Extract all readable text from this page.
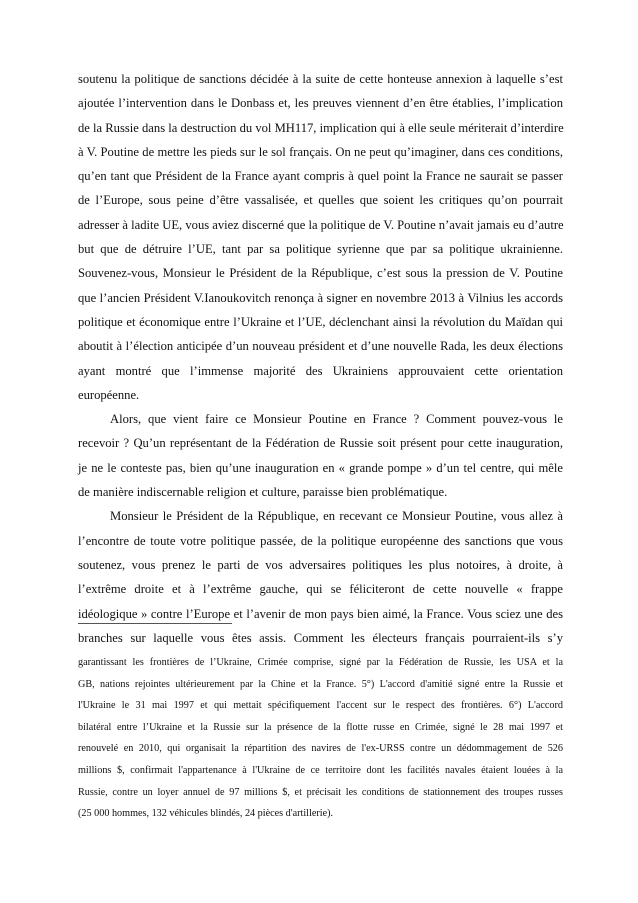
soutenu la politique de sanctions décidée à la suite de cette honteuse annexion à laquelle s’est
ajoutée l’intervention dans le Donbass et, les preuves viennent d’en être établies, l’implication
de la Russie dans la destruction du vol MH117, implication qui à elle seule mériterait d’interdire
à V. Poutine de mettre les pieds sur le sol français. On ne peut qu’imaginer, dans ces conditions,
qu’en tant que Président de la France ayant compris à quel point la France ne saurait se passer
de l’Europe, sous peine d’être vassalisée, et quelles que soient les critiques qu’on pourrait
adresser à ladite UE, vous aviez discerné que la politique de V. Poutine n’avait jamais eu d’autre
but que de détruire l’UE, tant par sa politique syrienne que par sa politique ukrainienne.
Souvenez-vous, Monsieur le Président de la République, c’est sous la pression de V. Poutine
que l’ancien Président V.Ianoukovitch renonça à signer en novembre 2013 à Vilnius les accords
politique et économique entre l’Ukraine et l’UE, déclenchant ainsi la révolution du Maïdan qui
aboutit à l’élection anticipée d’un nouveau président et d’une nouvelle Rada, les deux élections
ayant montré que l’immense majorité des Ukrainiens approuvaient cette orientation
européenne.
Alors, que vient faire ce Monsieur Poutine en France ? Comment pouvez-vous le
recevoir ? Qu’un représentant de la Fédération de Russie soit présent pour cette inauguration,
je ne le conteste pas, bien qu’une inauguration en « grande pompe » d’un tel centre, qui mêle
de manière indiscernable religion et culture, paraisse bien problématique.
Monsieur le Président de la République, en recevant ce Monsieur Poutine, vous allez à
l’encontre de toute votre politique passée, de la politique européenne des sanctions que vous
soutenez, vous prenez le parti de vos adversaires politiques les plus notoires, à droite, à
l’extrême droite et à l’extrême gauche, qui se féliciteront de cette nouvelle « frappe
idéologique » contre l’Europe et l’avenir de mon pays bien aimé, la France. Vous sciez une des
branches sur laquelle vous êtes assis. Comment les électeurs français pourraient-ils s’y
garantissant les frontières de l’Ukraine, Crimée comprise, signé par la Fédération de Russie, les USA et la
GB, nations rejointes ultérieurement par la Chine et la France. 5°) L'accord d'amitié signé entre la Russie et
l'Ukraine le 31 mai 1997 et qui mettait spécifiquement l'accent sur le respect des frontières. 6°) L'accord
bilatéral entre l’Ukraine et la Russie sur la présence de la flotte russe en Crimée, signé le 28 mai 1997 et
renouvelé en 2010, qui organisait la répartition des navires de l'ex-URSS contre un dédommagement de 526
millions $, confirmait l'appartenance à l'Ukraine de ce territoire dont les facilités navales étaient louées à la
Russie, contre un loyer annuel de 97 millions $, et précisait les conditions de stationnement des troupes russes
(25 000 hommes, 132 véhicules blindés, 24 pièces d'artillerie).
